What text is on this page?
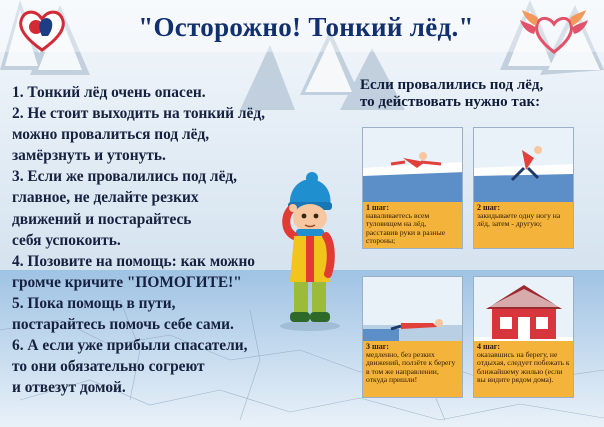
"Осторожно! Тонкий лёд."
1. Тонкий лёд очень опасен.
2. Не стоит выходить на тонкий лёд,
можно провалиться под лёд,
замёрзнуть и утонуть.
3. Если же провалились под лёд,
главное, не делайте резких
движений и постарайтесь
себя успокоить.
4. Позовите на помощь: как можно
громче кричите "ПОМОГИТЕ!"
5. Пока помощь в пути,
постарайтесь помочь себе сами.
6. А если уже прибыли спасатели,
то они обязательно согреют
и отвезут домой.
Если провалились под лёд,
то действовать нужно так:
1 шаг:
наваливаетесь всем туловищем на лёд, расставив руки в разные стороны;
2 шаг:
закидываете одну ногу на лёд, затем - другую;
3 шаг:
медленно, без резких движений, ползёте к берегу в том же направлении, откуда пришли!
4 шаг:
оказавшись на берегу, не отдыхая, следует побежать к ближайшему жилью (если вы видите рядом дома).
